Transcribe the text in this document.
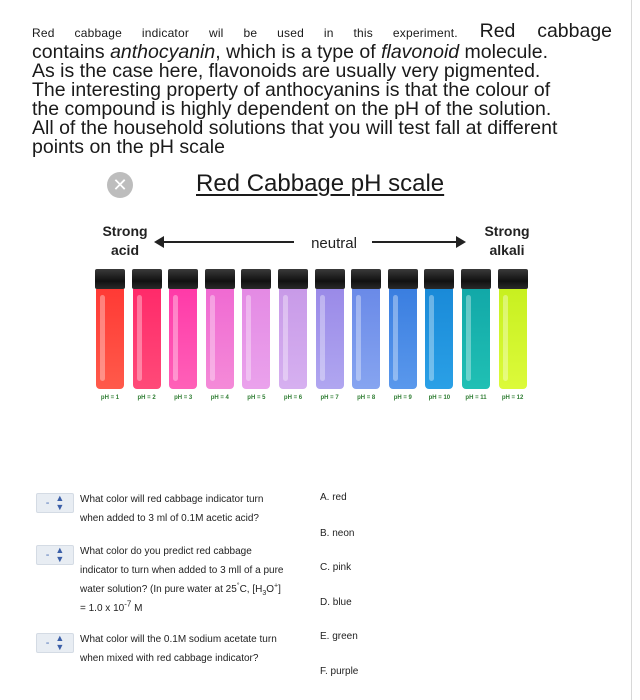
Red cabbage indicator wil be used in this experiment. Red cabbage
contains anthocyanin, which is a type of flavonoid molecule.
As is the case here, flavonoids are usually very pigmented.
The interesting property of anthocyanins is that the colour of
the compound is highly dependent on the pH of the solution.
All of the household solutions that you will test fall at different
points on the pH scale
✕	Red Cabbage pH scale
Strong
acid
Strong
alkali
neutral
pH = 1	pH = 2	pH = 3	pH = 4	pH = 5	pH = 6	pH = 7	pH = 8	pH = 9	pH = 10	pH = 11	pH = 12
- ▲
▼
What color will red cabbage indicator turn
when added to 3 ml of 0.1M acetic acid?
- ▲
▼
What color do you predict red cabbage
indicator to turn when added to 3 mll of a pure
water solution? (In pure water at 25°C, $[H_3O^+]$
= 1.0 x $10^{-7}$ M
- ▲
▼
What color will the 0.1M sodium acetate turn
when mixed with red cabbage indicator?
A. red
B. neon
C. pink
D. blue
E. green
F. purple
